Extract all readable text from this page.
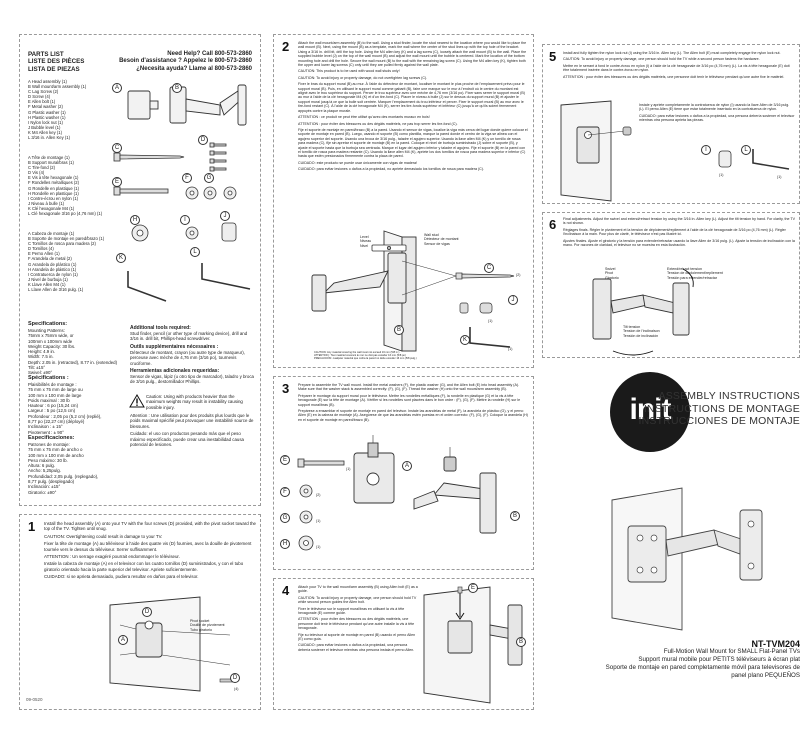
PARTS LIST
LISTE DES PIÈCES
LISTA DE PIEZAS
Need Help? Call 800-573-2860
Besoin d'assistance ? Appelez le 800-573-2860
¿Necesita ayuda? Llame al 800-573-2860
A Head assembly (1)
B Wall mount/arm assembly (1)
C Lag Screw (2)
D Screw (4)
E Allen bolt (1)
F Metal washer (2)
G Plastic washer (1)
H Plastic washer (1)
I Nylon lock nut (1)
J Bubble level (1)
K M4 Allen key (1)
L 3/16 in. Allen Key (1)
A Tête de montage (1)
B Support mural/bras (1)
C Tire-fond (2)
D Vis (4)
E Vis à tête hexagonale (1)
F Rondelles métalliques (2)
G Rondelle en plastique (1)
H Rondelle en plastique (1)
I Contre-écrou en nylon (1)
J Niveau à bulle (1)
K Clé hexagonale M4 (1)
L Clé hexagonale 3/16 po (4,76 mm) (1)
A Cabeza de montaje (1)
B Soporte de montaje en pared/brazo (1)
C Tornillos de rosca para madera (2)
D Tornillos (4)
E Perno Allen (1)
F Arandela de metal (2)
G Arandela de plástico (1)
H Arandela de plástico (1)
I Contratuerca de nylon (1)
J Nivel de burbuja (1)
K Llave Allen M4 (1)
L Llave Allen de 3/16 pulg. (1)
A	B
C
D
E
F	G
H	I
J
K
L
Specifications:
Mounting Patterns:
75mm x 75mm wide, or
100mm x 100mm wide
Weight Capacity: 30 lbs.
Height: 4.9 in.
Width: 7.5 in.
Depth: 2.05 in. (retracted), 8.77 in. (extended)
Tilt: ±15°
Swivel: ±90°
Spécifications :
Plaisibilités de montage :
75 mm x 75 mm de large ou
100 mm x 100 mm de large
Poids maximal : 30 lb
Hauteur : 6 po (15,24 cm)
Largeur : 5 po (12,5 cm)
Profondeur : 2,05 po (5,2 cm) (replié),
8,77 po (22,27 cm) (déployé)
Inclinaison : ± 15°
Pivotement : ± 90°
Especificaciones:
Patrones de montaje:
75 mm x 75 mm de ancho o
100 mm x 100 mm de ancho
Peso máximo: 30 lb.
Altura: 6 pulg.
Ancho: 5,25pulg.
Profundidad: 2,05 pulg. (replegado),
8,77 pulg. (desplegado)
Inclinación: ±15°
Giratorio: ±90°
Additional tools required:

Stud finder, pencil (or other type of marking device), drill and 3/16 in. drill bit, Phillips-head screwdriver.

Outils supplémentaires nécessaires :

Détecteur de montant, crayon (ou autre type de marqueur), perceuse avec mèche de 4,76 mm (3/16 po), tournevis cruciforme.

Herramientas adicionales requeridas:

Sensor de vigas, lápiz (u otro tipo de marcador), taladro y broca de 3/16 pulg., destornillador Phillips.

Caution: Using with products heavier than the maximum weights may result in instability causing possible injury.

Attention : Une utilisation pour des produits plus lourds que le poids maximal spécifié peut provoquer une instabilité source de blessures.

Cuidado: el uso con productos pesando más que el peso máximo especificado, puede crear una inestabilidad causa potencial de lesiones.

1 Install the head assembly (A) onto your TV with the four screws (D) provided, with the pivot socket toward the top of the TV. Tighten until snug.

CAUTION: Overtightening could result in damage to your TV.

Fixer la tête de montage (A) au téléviseur à l'aide des quatre vis (D) fournies, avec la douille de pivotement tournée vers le dessus du téléviseur. Serrer suffisamment.

ATTENTION : Un serrage exagéré pourrait endommager le téléviseur.

Instale la cabeza de montaje (A) en el televisor con los cuatro tornillos (D) suministrados, y con el tubo giratorio orientado hacia la parte superior del televisor. Apriete suficientemente.

CUIDADO: si se aprieta demasiado, pudiera resultar en daños para el televisor.

Pivot socket
Douille de pivotement
Tubo giratorio
A
D
D
(4)
09-0520
2 Attach the wall mount/arm assembly (B) to the wall. Using a stud finder, locate the stud nearest to the location where you would like to place the wall mount (B). Next, using the mount (B) as a template, mark the wall where the center of the stud lines up with the top hole of the bracket. Using a 3/16 in. drill bit, drill the top hole. Using the M4 allen key (K) and a lag screw (C), loosely attach the wall mount (B) to the wall. Place the supplied bubble level (J) on the top of the wall mount (B) and adjust the wall mount until the bubble is centered. Mark the location of the bottom mounting hole and drill the hole. Secure the wall mount (B) to the wall with the remaining lag screw (C). Using the M4 allen key (K), tighten both the upper and lower lag screws (C) only until they are pulled firmly against the wall plate.

CAUTION: This product is to be used with wood wall studs only!

CAUTION: To avoid injury or property damage, do not overtighten lag screws (C).

Fixer le bras du support mural (B) au mur. À l'aide du détecteur de montant, localiser le montant le plus proche de l'emplacement prévu pour le support mural (B). Puis, en utilisant le support mural comme gabarit (B), faire une marque sur le mur à l'endroit où le centre du montant est aligné avec le trou supérieur du support. Percer le trou supérieur avec une mèche de 4,76 mm (3/16 po). Fixer sans serrer le support mural (B) au mur à l'aide de la clé hexagonale M4 (K) et d'un tire-fond (C). Placer le niveau à bulle (J) sur le dessus du support mural (B) et ajuster le support mural jusqu'à ce que la bulle soit centrée. Marquer l'emplacement du trou inférieur et percer. Fixer le support mural (B) au mur avec le tire-fond restant (C). À l'aide de la clé hexagonale M4 (K), serrer les tire-fonds supérieur et inférieur (C) jusqu'à ce qu'ils soient fermement appuyés contre la plaque murale.

ATTENTION : ce produit ne peut être utilisé qu'avec des montants muraux en bois!

ATTENTION : pour éviter des blessures ou des dégâts matériels, ne pas trop serrer les tire-fond (C).

Fije el soporte de montaje en pared/brazo (B) a la pared. Usando el sensor de vigas, localice la viga más cerca del lugar donde quiere colocar el soporte de montaje en pared (B). Luego, usando el soporte (B) como plantilla, marque la pared donde el centro de la viga se alinea con el agujero superior del soporte. Usando una broca de 3/16 pulg., taladre el agujero superior. Usando la llave allen M4 (K) y un tornillo de rosca para madera (C), fije sin apretar el soporte de montaje (B) en la pared. Coloque el nivel de burbuja suministrado (J) sobre el soporte (B), y ajuste el soporte hasta que la burbuja sea centrada. Marque el lugar del agujero inferior y taladre el agujero. Fije el soporte (B) en la pared con el tornillo de rosca para madera restante (C). Usando la llave allen M4 (K), apriete los dos tornillos de rosca para madera superior e inferior (C) hasta que estén presionados firmemente contra la placa de pared.

CUIDADO: este producto se puede usar únicamente con vigas de madera!

CUIDADO: para evitar lesiones o daños a la propiedad, no apriete demasiado los tornillos de rosca para madera (C).

Level
Niveau
Nivel
Wall stud
Détecteur de montant
Sensor de vigas
C
(2)
J
(1)
K
(1)
B
CAUTION: Any material covering the wall must not exceed 16 mm (5/8 in.)
ATTENTION : Tout matériel couvrant le mur ne doit pas excéder 16 mm (5/8 po)
PRECAUCIÓN: cualquier material que cubra la pared no debe exceder 16 mm (5/8 pulg.)
3 Prepare to assemble the TV wall mount. Install the metal washers (F), the plastic washer (G), and the Allen bolt (E) into head assembly (A). Make sure that the washer stack is assembled correctly: (F), (G), (F). Thread the washer (H) onto the wall mount/arm assembly (B).

Préparer le montage du support mural pour le téléviseur. Mettre les rondelles métalliques (F), la rondelle en plastique (G) et la vis à tête hexagonale (E) sur la tête de montage (A). Vérifier si les rondelles sont placées dans le bon ordre : (F), (G), (F). Mettre la rondelle (H) sur le support mural/bras (B).

Prepárese a ensamblar el soporte de montaje en pared del televisor. Instale las arandelas de metal (F), la arandela de plástico (G), y el perno Allen (E) en la cabeza de montaje (A). Asegúrese de que las arandelas estén puestas en el orden correcto: (F), (G), (F). Coloque la arandela (H) en el soporte de montaje en pared/brazo (B).

E
(1)
F	(2)
G	(1)
H	(1)
A
B
4 Attach your TV to the wall mount/arm assembly (B) using Allen bolt (E) as a guide.

CAUTION: To avoid injury or property damage, one person should hold TV while second person guides the Allen bolt.

Fixer le téléviseur sur le support mural/bras en utilisant la vis à tête hexagonale (E) comme guide.

ATTENTION : pour éviter des blessures ou des dégâts matériels, une personne doit tenir le téléviseur pendant qu'une autre installe la vis à tête hexagonale.

Fije su televisor al soporte de montaje en pared (B) usando el perno Allen (E) como guía.

CUIDADO: para evitar lesiones o daños a la propiedad, una persona debería sostener el televisor mientras otra persona instala el perno Allen.

E
B
5 Install and fully tighten the nylon lock nut (I) using the 3/16 in. Allen key (L). The Allen bolt (E) must completely engage the nylon lock nut.

CAUTION: To avoid injury or property damage, one person should hold the TV while a second person fastens the hardware.

Mettre en le serrant à fond le contre-écrou en nylon (I) à l'aide de la clé hexagonale de 3/16 po (4,76 mm) (L). La vis à tête hexagonale (E) doit être totalement insérée dans le contre-écrou en nylon.

ATTENTION : pour éviter des blessures ou des dégâts matériels, une personne doit tenir le téléviseur pendant qu'une autre fixe le matériel.

Instale y apriete completamente la contratuerca de nylon (I) usando la llave Allen de 3/16 pulg. (L). El perno Allen (E) tiene que estar totalmente insertado en la contratuerca de nylon.

CUIDADO: para evitar lesiones o daños a la propiedad, una persona debería sostener el televisor mientras otra persona aprieta las piezas.

I
(1)
L
(1)
6 Final adjustments. Adjust the swivel and extend/retract tension by using the 3/16 in. Allen key (L). Adjust the tilt tension by hand. For clarity, the TV is not shown.

Réglages finals. Régler le pivotement et la tension de déploiement/repliement à l'aide de la clé hexagonale de 3/16 po (4,76 mm) (L). Régler l'inclinaison à la main. Pour plus de clarté, le téléviseur n'est pas illustré ici.

Ajustes finales. Ajuste el giratorio y la tensión para extender/retractar usando la llave Allen de 3/16 pulg. (L). Ajuste la tensión de inclinación con la mano. Por razones de claridad, el televisor no se muestra en esta ilustración.

Swivel
Pivot
Giratorio
Extend/retract tension
Tension de déploiement/repliement
Tensión para extender/retractar
Tilt tension
Tension de l'inclinaison
Tensión de inclinación
init
ASSEMBLY INSTRUCTIONS
INSTRUCTIONS DE MONTAGE
INSTRUCCIONES DE MONTAJE
NT-TVM204
Full-Motion Wall Mount for SMALL Flat-Panel TVs
Support mural mobile pour PETITS téléviseurs à écran plat
Soporte de montaje en pared completamente móvil para televisores de panel plano PEQUEÑOS
